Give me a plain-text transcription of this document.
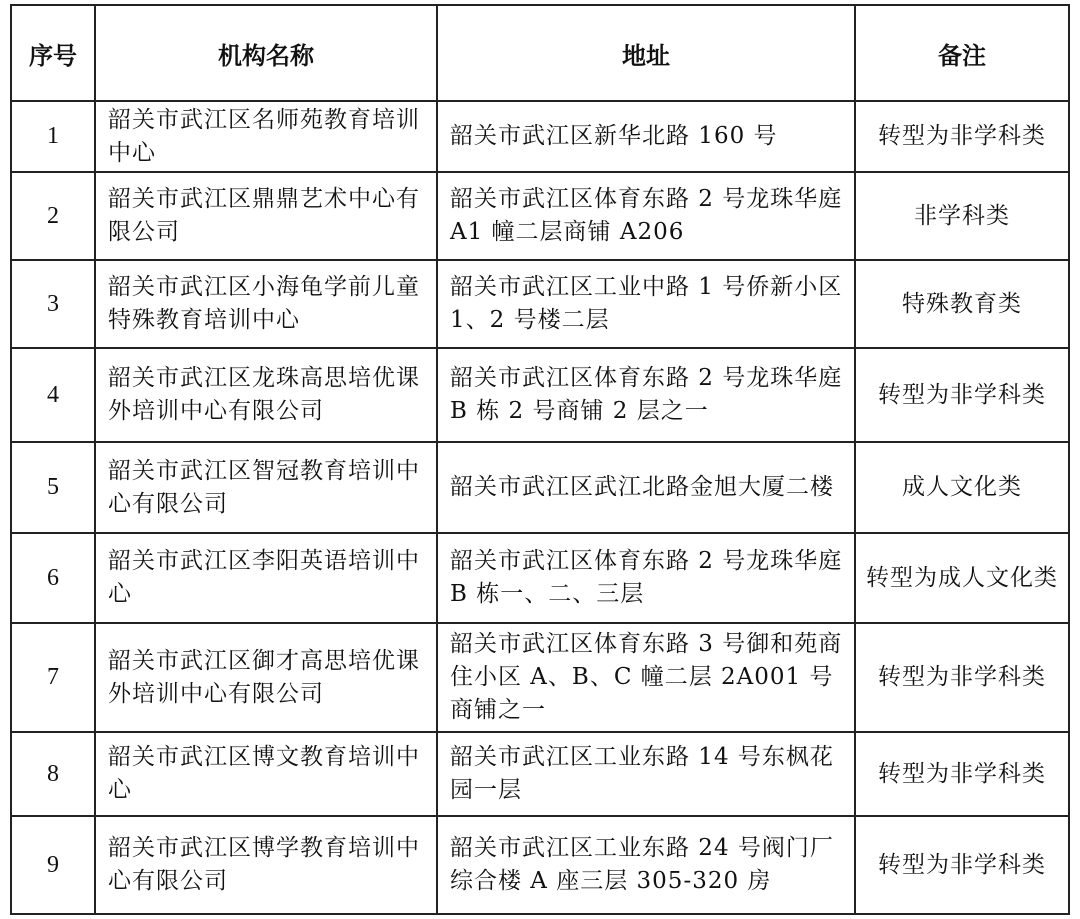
序号	机构名称	地址	备注
1	韶关市武江区名师苑教育培训中心	韶关市武江区新华北路 160 号	转型为非学科类
2	韶关市武江区鼎鼎艺术中心有限公司	韶关市武江区体育东路 2 号龙珠华庭 A1 幢二层商铺 A206	非学科类
3	韶关市武江区小海龟学前儿童特殊教育培训中心	韶关市武江区工业中路 1 号侨新小区 1、2 号楼二层	特殊教育类
4	韶关市武江区龙珠高思培优课外培训中心有限公司	韶关市武江区体育东路 2 号龙珠华庭 B 栋 2 号商铺 2 层之一	转型为非学科类
5	韶关市武江区智冠教育培训中心有限公司	韶关市武江区武江北路金旭大厦二楼	成人文化类
6	韶关市武江区李阳英语培训中心	韶关市武江区体育东路 2 号龙珠华庭 B 栋一、二、三层	转型为成人文化类
7	韶关市武江区御才高思培优课外培训中心有限公司	韶关市武江区体育东路 3 号御和苑商住小区 A、B、C 幢二层 2A001 号商铺之一	转型为非学科类
8	韶关市武江区博文教育培训中心	韶关市武江区工业东路 14 号东枫花园一层	转型为非学科类
9	韶关市武江区博学教育培训中心有限公司	韶关市武江区工业东路 24 号阀门厂综合楼 A 座三层 305-320 房	转型为非学科类
